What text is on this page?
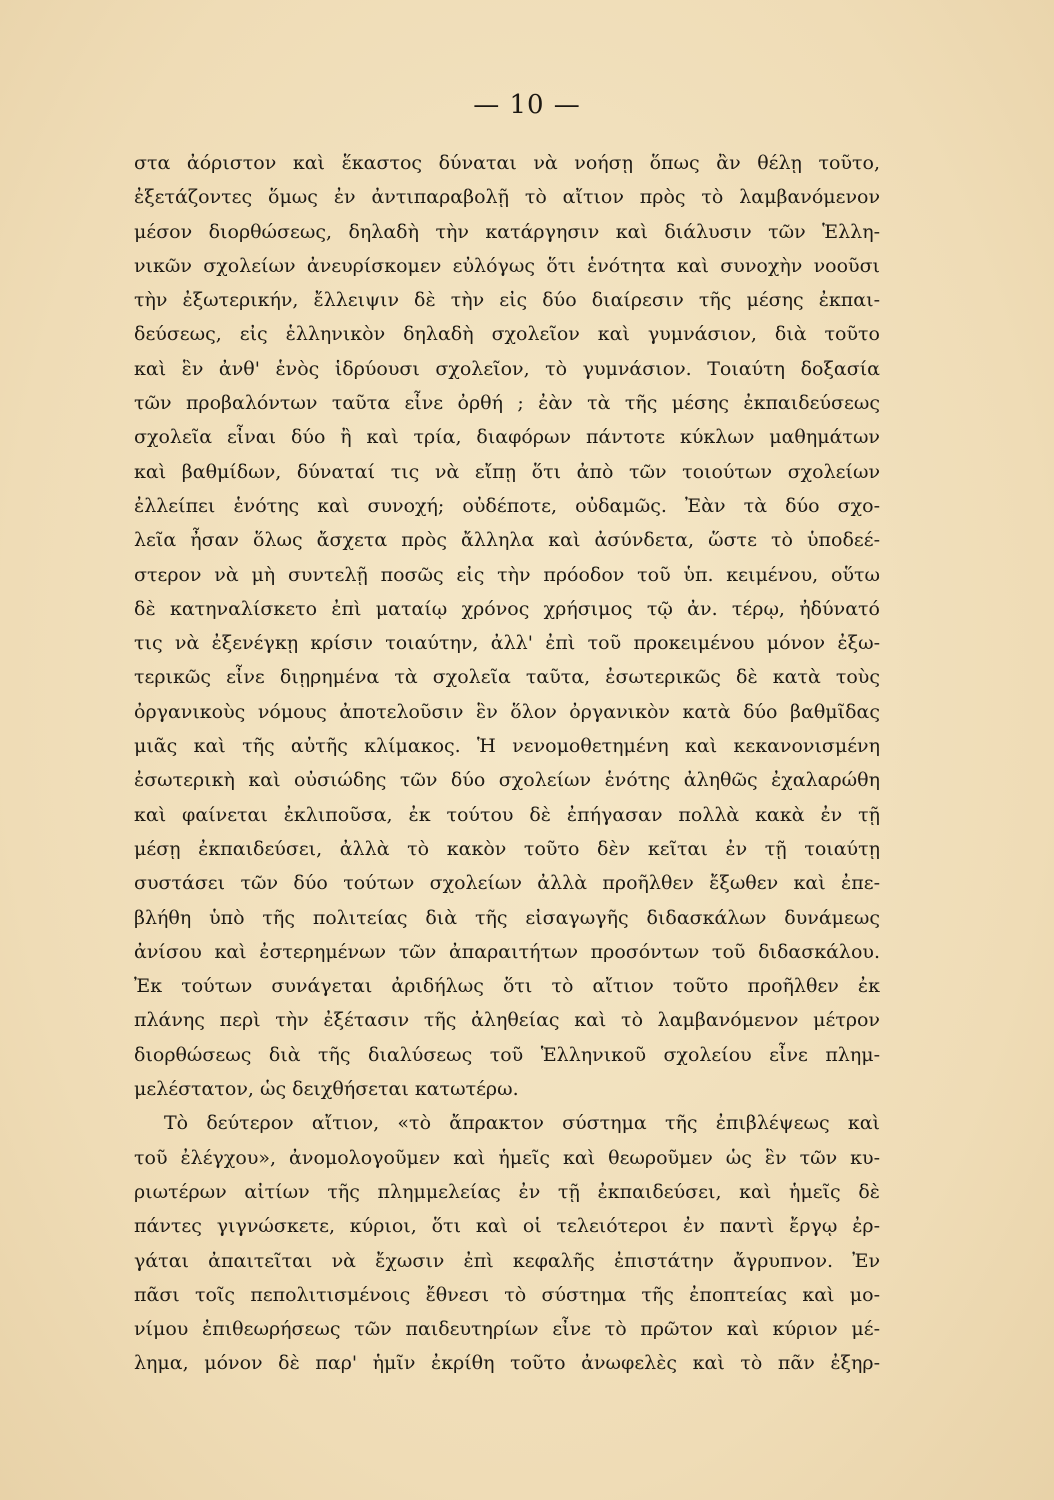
— 10 —
στα ἀόριστον καὶ ἕκαστος δύναται νὰ νοήσῃ ὅπως ἂν θέλῃ τοῦτο,
ἐξετάζοντες ὅμως ἐν ἀντιπαραβολῇ τὸ αἴτιον πρὸς τὸ λαμβανόμενον
μέσον διορθώσεως, δηλαδὴ τὴν κατάργησιν καὶ διάλυσιν τῶν Ἑλλη-
νικῶν σχολείων ἀνευρίσκομεν εὐλόγως ὅτι ἑνότητα καὶ συνοχὴν νοοῦσι
τὴν ἐξωτερικήν, ἔλλειψιν δὲ τὴν εἰς δύο διαίρεσιν τῆς μέσης ἐκπαι-
δεύσεως, εἰς ἑλληνικὸν δηλαδὴ σχολεῖον καὶ γυμνάσιον, διὰ τοῦτο
καὶ ἓν ἀνθ' ἑνὸς ἱδρύουσι σχολεῖον, τὸ γυμνάσιον. Τοιαύτη δοξασία
τῶν προβαλόντων ταῦτα εἶνε ὀρθή ; ἐὰν τὰ τῆς μέσης ἐκπαιδεύσεως
σχολεῖα εἶναι δύο ἢ καὶ τρία, διαφόρων πάντοτε κύκλων μαθημάτων
καὶ βαθμίδων, δύναταί τις νὰ εἴπῃ ὅτι ἀπὸ τῶν τοιούτων σχολείων
ἐλλείπει ἑνότης καὶ συνοχή; οὐδέποτε, οὐδαμῶς. Ἐὰν τὰ δύο σχο-
λεῖα ἦσαν ὅλως ἄσχετα πρὸς ἄλληλα καὶ ἀσύνδετα, ὥστε τὸ ὑποδεέ-
στερον νὰ μὴ συντελῇ ποσῶς εἰς τὴν πρόοδον τοῦ ὑπ. κειμένου, οὕτω
δὲ κατηναλίσκετο ἐπὶ ματαίῳ χρόνος χρήσιμος τῷ ἀν. τέρῳ, ἠδύνατό
τις νὰ ἐξενέγκῃ κρίσιν τοιαύτην, ἀλλ' ἐπὶ τοῦ προκειμένου μόνον ἐξω-
τερικῶς εἶνε διῃρημένα τὰ σχολεῖα ταῦτα, ἐσωτερικῶς δὲ κατὰ τοὺς
ὀργανικοὺς νόμους ἀποτελοῦσιν ἓν ὅλον ὀργανικὸν κατὰ δύο βαθμῖδας
μιᾶς καὶ τῆς αὐτῆς κλίμακος. Ἡ νενομοθετημένη καὶ κεκανονισμένη
ἐσωτερικὴ καὶ οὐσιώδης τῶν δύο σχολείων ἑνότης ἀληθῶς ἐχαλαρώθη
καὶ φαίνεται ἐκλιποῦσα, ἐκ τούτου δὲ ἐπήγασαν πολλὰ κακὰ ἐν τῇ
μέσῃ ἐκπαιδεύσει, ἀλλὰ τὸ κακὸν τοῦτο δὲν κεῖται ἐν τῇ τοιαύτῃ
συστάσει τῶν δύο τούτων σχολείων ἀλλὰ προῆλθεν ἔξωθεν καὶ ἐπε-
βλήθη ὑπὸ τῆς πολιτείας διὰ τῆς εἰσαγωγῆς διδασκάλων δυνάμεως
ἀνίσου καὶ ἐστερημένων τῶν ἀπαραιτήτων προσόντων τοῦ διδασκάλου.
Ἐκ τούτων συνάγεται ἀριδήλως ὅτι τὸ αἴτιον τοῦτο προῆλθεν ἐκ
πλάνης περὶ τὴν ἐξέτασιν τῆς ἀληθείας καὶ τὸ λαμβανόμενον μέτρον
διορθώσεως διὰ τῆς διαλύσεως τοῦ Ἑλληνικοῦ σχολείου εἶνε πλημ-
μελέστατον, ὡς δειχθήσεται κατωτέρω.
Τὸ δεύτερον αἴτιον, «τὸ ἄπρακτον σύστημα τῆς ἐπιβλέψεως καὶ
τοῦ ἐλέγχου», ἀνομολογοῦμεν καὶ ἡμεῖς καὶ θεωροῦμεν ὡς ἓν τῶν κυ-
ριωτέρων αἰτίων τῆς πλημμελείας ἐν τῇ ἐκπαιδεύσει, καὶ ἡμεῖς δὲ
πάντες γιγνώσκετε, κύριοι, ὅτι καὶ οἱ τελειότεροι ἐν παντὶ ἔργῳ ἐρ-
γάται ἀπαιτεῖται νὰ ἔχωσιν ἐπὶ κεφαλῆς ἐπιστάτην ἄγρυπνον. Ἐν
πᾶσι τοῖς πεπολιτισμένοις ἔθνεσι τὸ σύστημα τῆς ἐποπτείας καὶ μο-
νίμου ἐπιθεωρήσεως τῶν παιδευτηρίων εἶνε τὸ πρῶτον καὶ κύριον μέ-
λημα, μόνον δὲ παρ' ἡμῖν ἐκρίθη τοῦτο ἀνωφελὲς καὶ τὸ πᾶν ἐξηρ-
